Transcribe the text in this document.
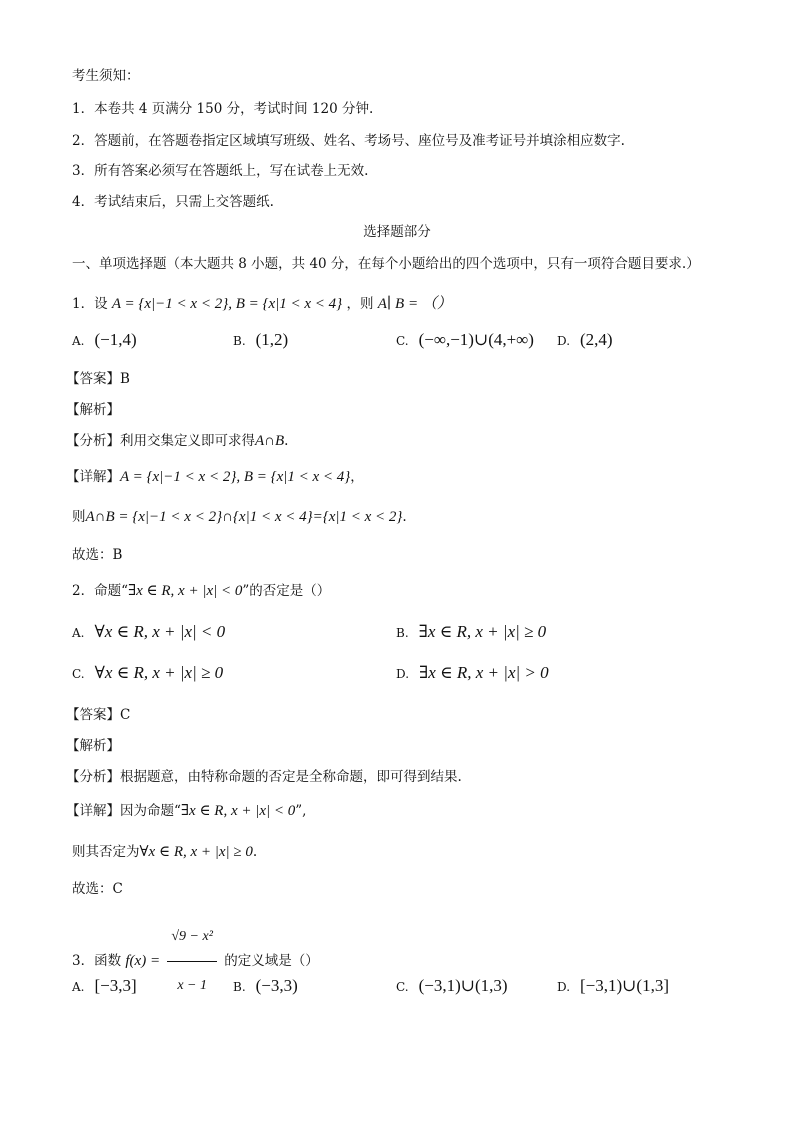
考生须知：
1．本卷共 4 页满分 150 分，考试时间 120 分钟.
2．答题前，在答题卷指定区域填写班级、姓名、考场号、座位号及准考证号并填涂相应数字.
3．所有答案必须写在答题纸上，写在试卷上无效.
4．考试结束后，只需上交答题纸.
选择题部分
一、单项选择题（本大题共 8 小题，共 40 分，在每个小题给出的四个选项中，只有一项符合题目要求.）
1．设 A = {x|−1 < x < 2}, B = {x|1 < x < 4} ，则 A∣ B = （）
A. (−1,4)	B. (1,2)	C. (−∞,−1)∪(4,+∞) D. (2,4)
【答案】B
【解析】
【分析】利用交集定义即可求得A∩B.
【详解】A = {x|−1 < x < 2}, B = {x|1 < x < 4}，
则A∩B = {x|−1 < x < 2}∩{x|1 < x < 4}={x|1 < x < 2}.
故选：B
2．命题“∃x ∈ R, x + |x| < 0”的否定是（）
A. ∀x ∈ R, x + |x| < 0	B. ∃x ∈ R, x + |x| ≥ 0
C. ∀x ∈ R, x + |x| ≥ 0	D. ∃x ∈ R, x + |x| > 0
【答案】C
【解析】
【分析】根据题意，由特称命题的否定是全称命题，即可得到结果.
【详解】因为命题“∃x ∈ R, x + |x| < 0”,
则其否定为∀x ∈ R, x + |x| ≥ 0.
故选：C
3．函数 $f(x) = \frac{\text{√9 − x²}}{x - 1}$ 的定义域是（）
A. [−3,3]	B. (−3,3)	C. (−3,1)∪(1,3)	D. [−3,1)∪(1,3]
